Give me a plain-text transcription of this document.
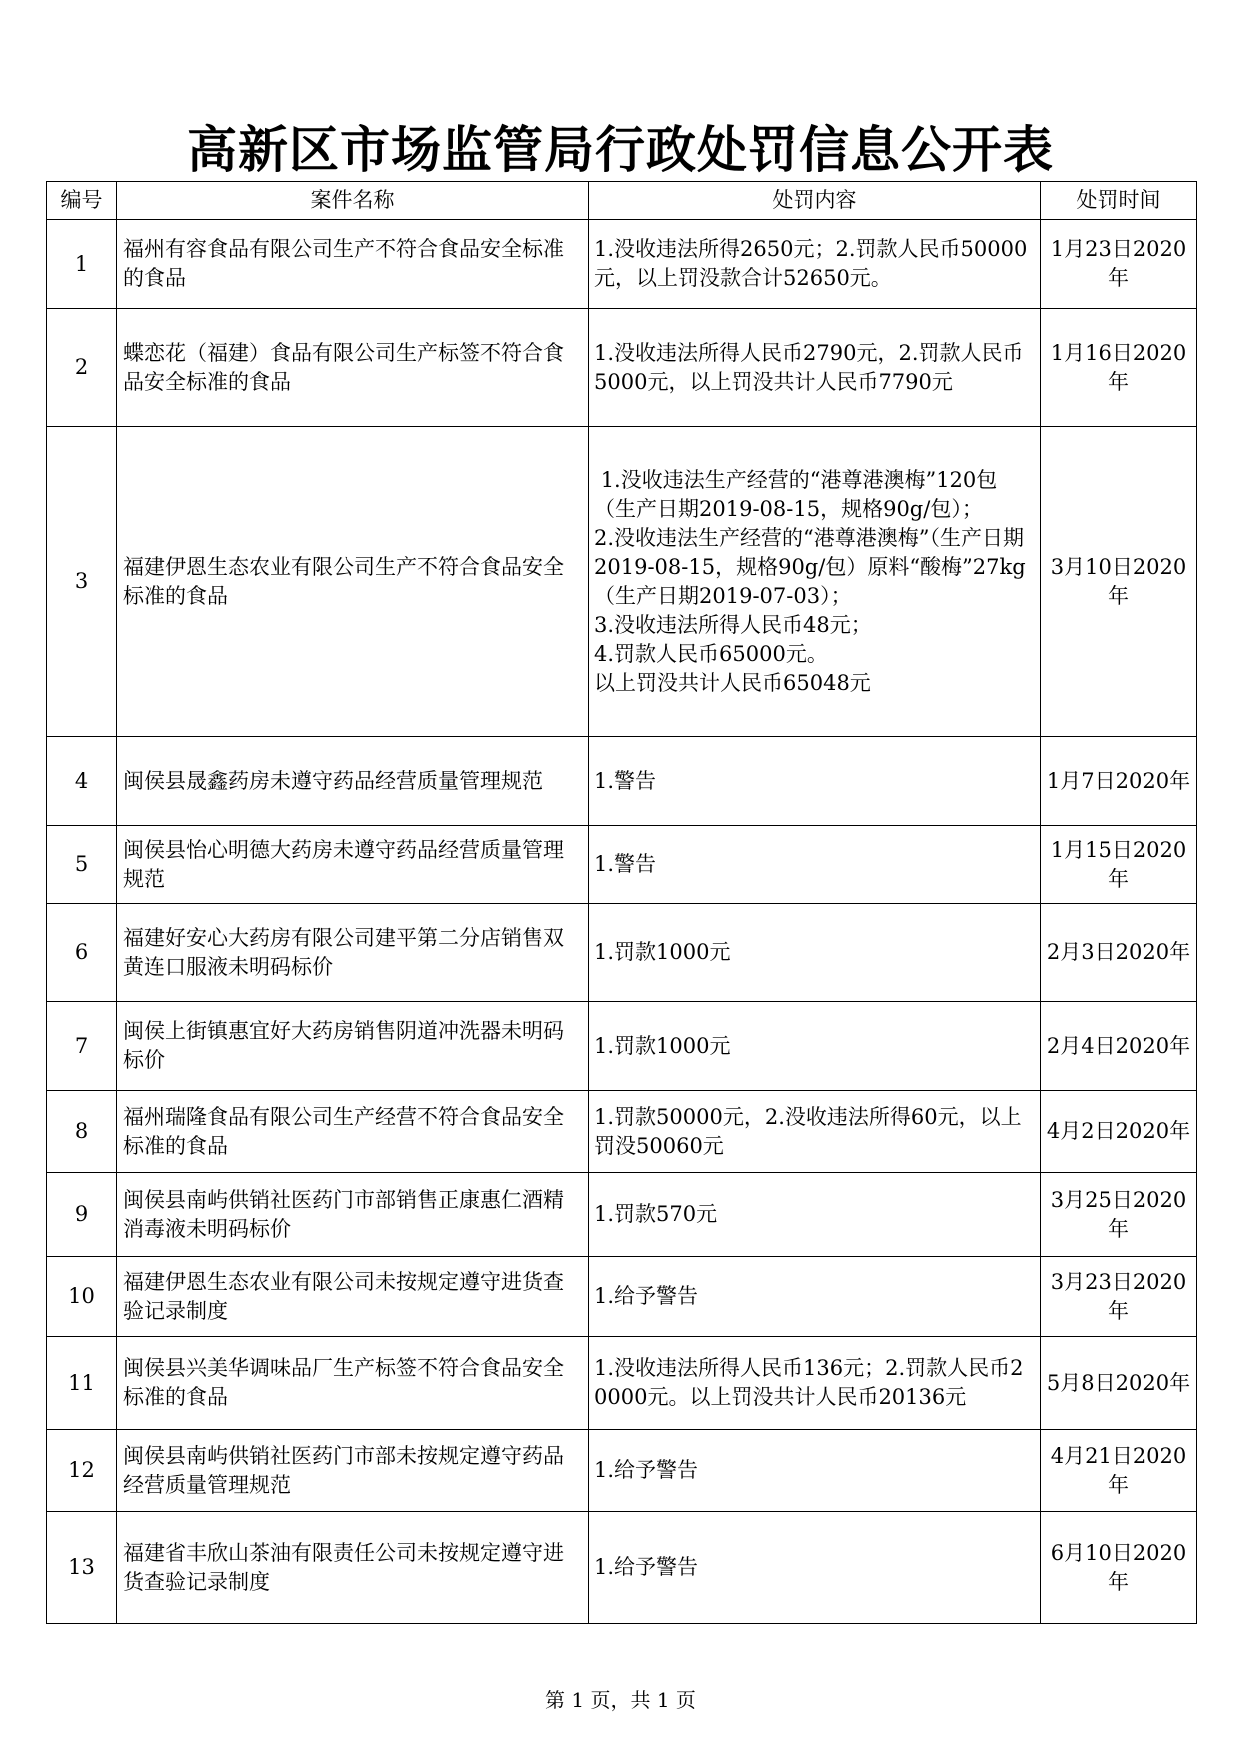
高新区市场监管局行政处罚信息公开表
编号	案件名称	处罚内容	处罚时间
1	福州有容食品有限公司生产不符合食品安全标准的食品	1.没收违法所得2650元；2.罚款人民币50000元，以上罚没款合计52650元。	1月23日2020年
2	蝶恋花（福建）食品有限公司生产标签不符合食品安全标准的食品	1.没收违法所得人民币2790元，2.罚款人民币5000元，以上罚没共计人民币7790元	1月16日2020年
3	福建伊恩生态农业有限公司生产不符合食品安全标准的食品	1.没收违法生产经营的“港尊港澳梅”120包（生产日期2019-08-15，规格90g/包）；
2.没收违法生产经营的“港尊港澳梅”（生产日期2019-08-15，规格90g/包）原料“酸梅”27kg（生产日期2019-07-03）；
3.没收违法所得人民币48元；
4.罚款人民币65000元。
以上罚没共计人民币65048元	3月10日2020年
4	闽侯县晟鑫药房未遵守药品经营质量管理规范	1.警告	1月7日2020年
5	闽侯县怡心明德大药房未遵守药品经营质量管理规范	1.警告	1月15日2020年
6	福建好安心大药房有限公司建平第二分店销售双黄连口服液未明码标价	1.罚款1000元	2月3日2020年
7	闽侯上街镇惠宜好大药房销售阴道冲洗器未明码标价	1.罚款1000元	2月4日2020年
8	福州瑞隆食品有限公司生产经营不符合食品安全标准的食品	1.罚款50000元，2.没收违法所得60元，以上罚没50060元	4月2日2020年
9	闽侯县南屿供销社医药门市部销售正康惠仁酒精消毒液未明码标价	1.罚款570元	3月25日2020年
10	福建伊恩生态农业有限公司未按规定遵守进货查验记录制度	1.给予警告	3月23日2020年
11	闽侯县兴美华调味品厂生产标签不符合食品安全标准的食品	1.没收违法所得人民币136元；2.罚款人民币20000元。以上罚没共计人民币20136元	5月8日2020年
12	闽侯县南屿供销社医药门市部未按规定遵守药品经营质量管理规范	1.给予警告	4月21日2020年
13	福建省丰欣山茶油有限责任公司未按规定遵守进货查验记录制度	1.给予警告	6月10日2020年
第 1 页，共 1 页
